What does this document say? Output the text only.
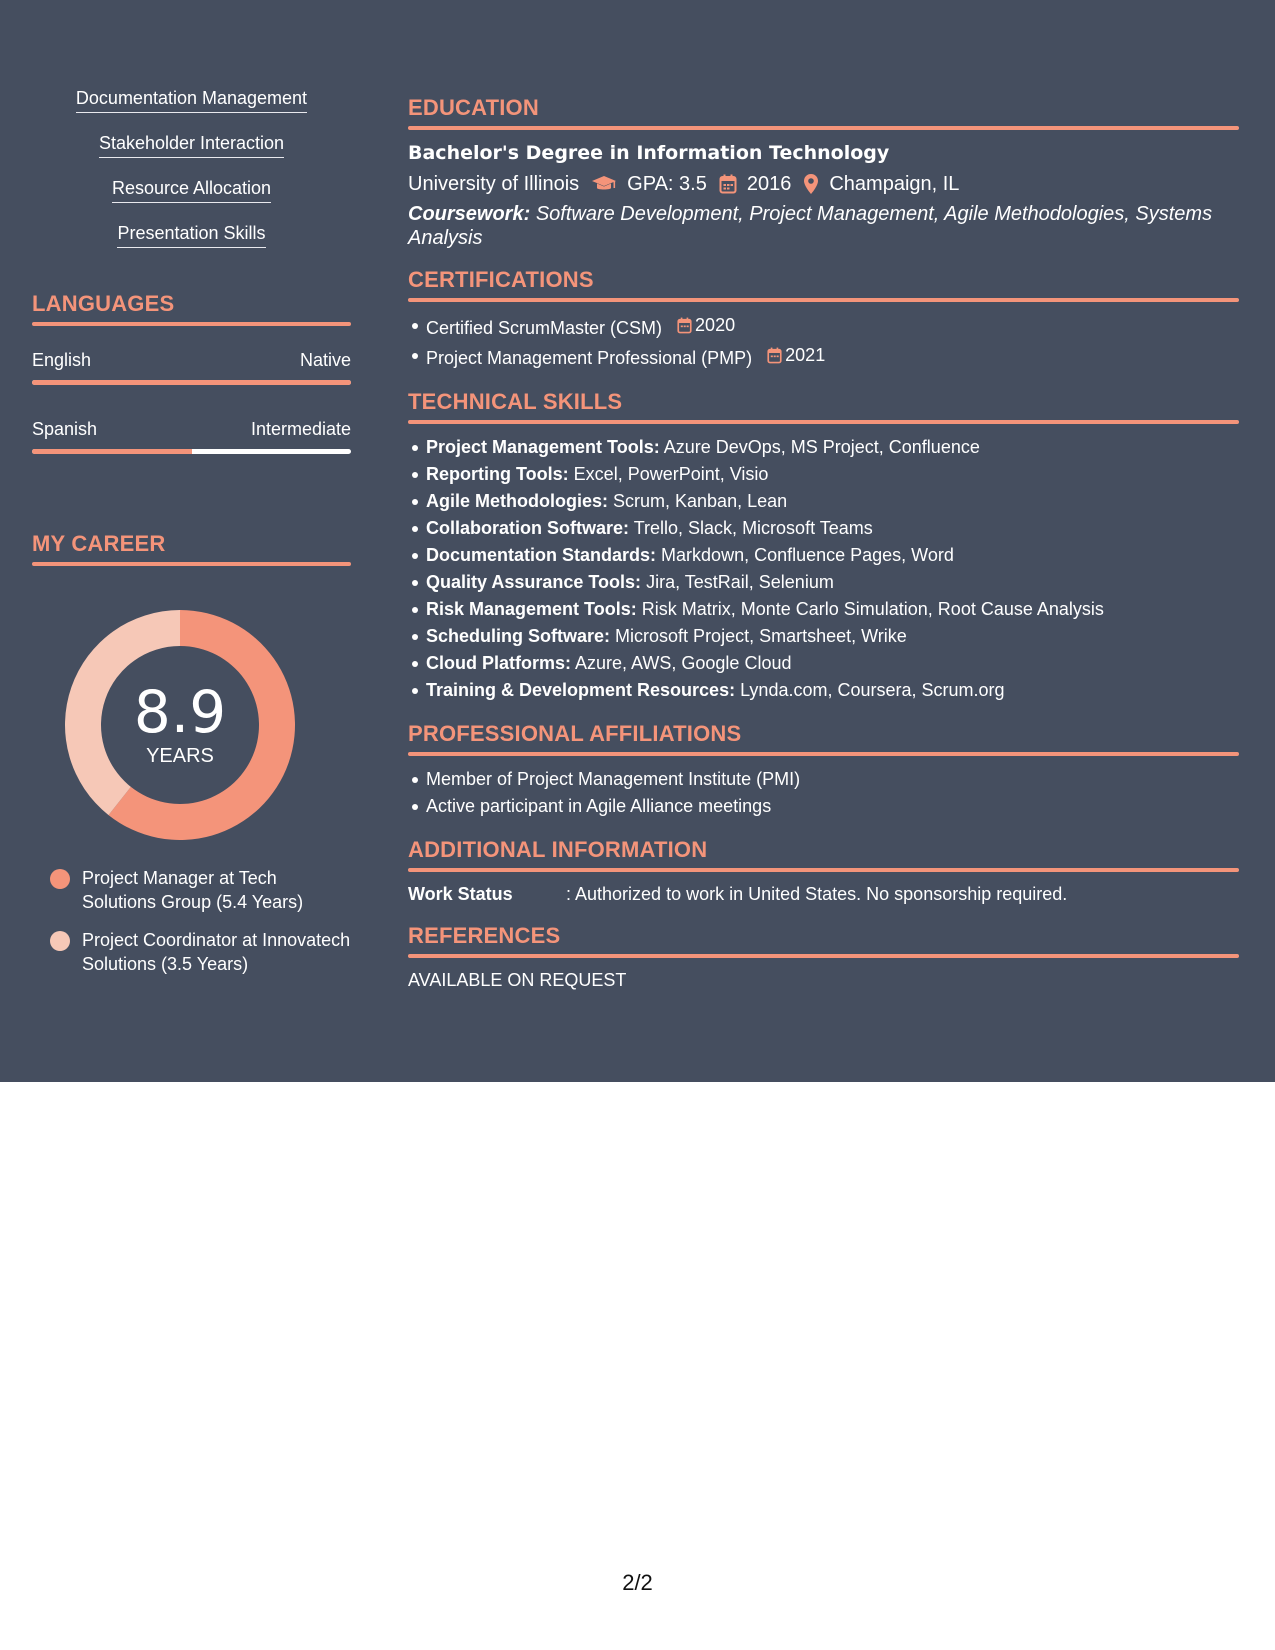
Documentation Management
Stakeholder Interaction
Resource Allocation
Presentation Skills
LANGUAGES
English	Native
Spanish	Intermediate
MY CAREER
8.9
YEARS
Project Manager at Tech Solutions Group (5.4 Years)
Project Coordinator at Innovatech Solutions (3.5 Years)
EDUCATION
Bachelor's Degree in Information Technology
University of Illinois GPA: 3.5 2016 Champaign, IL
Coursework: Software Development, Project Management, Agile Methodologies, Systems Analysis
CERTIFICATIONS
Certified ScrumMaster (CSM) 2020
Project Management Professional (PMP) 2021
TECHNICAL SKILLS
Project Management Tools: Azure DevOps, MS Project, Confluence
Reporting Tools: Excel, PowerPoint, Visio
Agile Methodologies: Scrum, Kanban, Lean
Collaboration Software: Trello, Slack, Microsoft Teams
Documentation Standards: Markdown, Confluence Pages, Word
Quality Assurance Tools: Jira, TestRail, Selenium
Risk Management Tools: Risk Matrix, Monte Carlo Simulation, Root Cause Analysis
Scheduling Software: Microsoft Project, Smartsheet, Wrike
Cloud Platforms: Azure, AWS, Google Cloud
Training & Development Resources: Lynda.com, Coursera, Scrum.org
PROFESSIONAL AFFILIATIONS
Member of Project Management Institute (PMI)
Active participant in Agile Alliance meetings
ADDITIONAL INFORMATION
Work Status	: Authorized to work in United States. No sponsorship required.
REFERENCES
AVAILABLE ON REQUEST
2/2
